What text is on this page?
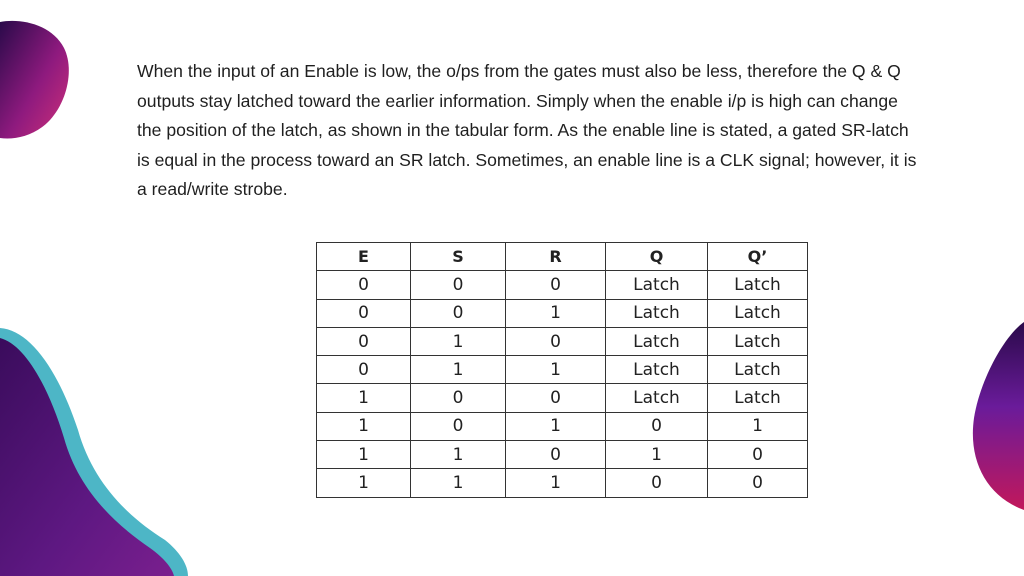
When the input of an Enable is low, the o/ps from the gates must also be less, therefore the Q & Q
outputs stay latched toward the earlier information. Simply when the enable i/p is high can change
the position of the latch, as shown in the tabular form. As the enable line is stated, a gated SR-latch
is equal in the process toward an SR latch. Sometimes, an enable line is a CLK signal; however, it is
a read/write strobe.
E	S	R	Q	Q’
0	0	0	Latch	Latch
0	0	1	Latch	Latch
0	1	0	Latch	Latch
0	1	1	Latch	Latch
1	0	0	Latch	Latch
1	0	1	0	1
1	1	0	1	0
1	1	1	0	0
